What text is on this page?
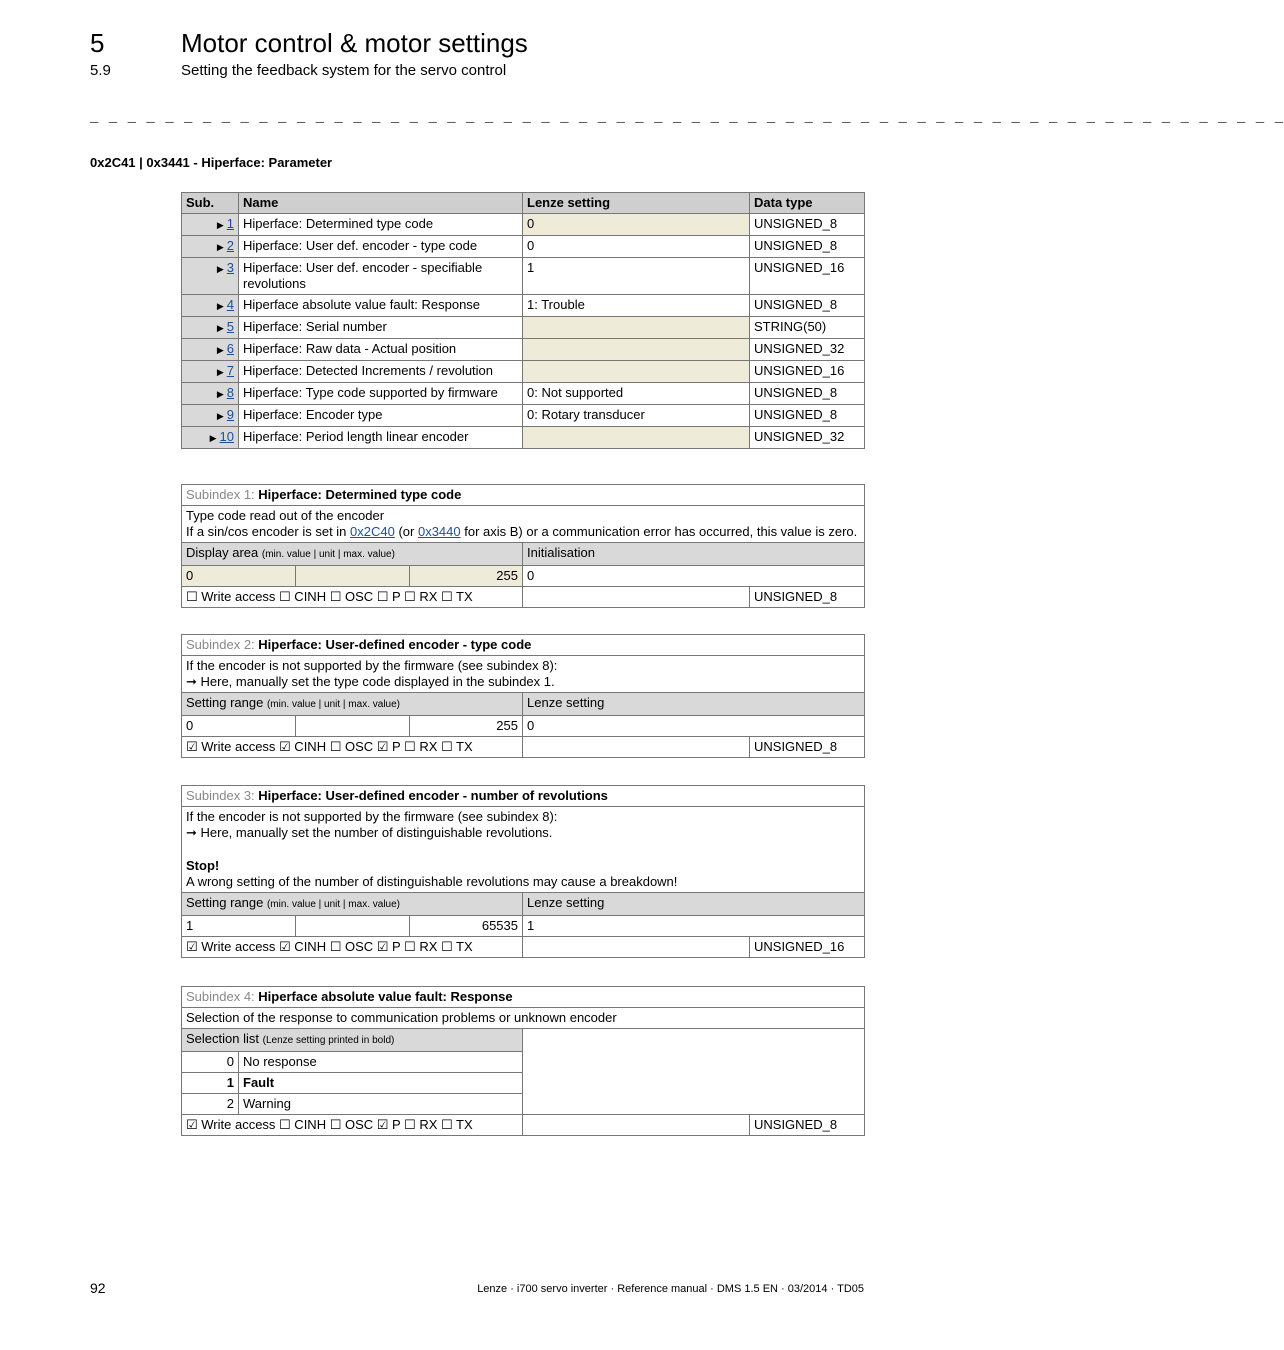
5	Motor control & motor settings
5.9	Setting the feedback system for the servo control
_ _ _ _ _ _ _ _ _ _ _ _ _ _ _ _ _ _ _ _ _ _ _ _ _ _ _ _ _ _ _ _ _ _ _ _ _ _ _ _ _ _ _ _ _ _ _ _ _ _ _ _ _ _ _ _ _ _ _ _ _ _ _ _
0x2C41 | 0x3441 - Hiperface: Parameter
Sub.	Name	Lenze setting	Data type
▶ 1	Hiperface: Determined type code	0	UNSIGNED_8
▶ 2	Hiperface: User def. encoder - type code	0	UNSIGNED_8
▶ 3	Hiperface: User def. encoder - specifiable revolutions	1	UNSIGNED_16
▶ 4	Hiperface absolute value fault: Response	1: Trouble	UNSIGNED_8
▶ 5	Hiperface: Serial number		STRING(50)
▶ 6	Hiperface: Raw data - Actual position		UNSIGNED_32
▶ 7	Hiperface: Detected Increments / revolution		UNSIGNED_16
▶ 8	Hiperface: Type code supported by firmware	0: Not supported	UNSIGNED_8
▶ 9	Hiperface: Encoder type	0: Rotary transducer	UNSIGNED_8
▶ 10	Hiperface: Period length linear encoder		UNSIGNED_32
Subindex 1: Hiperface: Determined type code				

Type code read out of the encoder
If a sin/cos encoder is set in 0x2C40 (or 0x3440 for axis B) or a communication error has occurred, this value is zero.				

Display area (min. value | unit | max. value)			Initialisation	
0		255	0	
☐ Write access ☐ CINH ☐ OSC ☐ P ☐ RX ☐ TX				UNSIGNED_8
Subindex 2: Hiperface: User-defined encoder - type code				

If the encoder is not supported by the firmware (see subindex 8):
➞ Here, manually set the type code displayed in the subindex 1.				

Setting range (min. value | unit | max. value)			Lenze setting	
0		255	0	
☑ Write access ☑ CINH ☐ OSC ☑ P ☐ RX ☐ TX				UNSIGNED_8
Subindex 3: Hiperface: User-defined encoder - number of revolutions				

If the encoder is not supported by the firmware (see subindex 8):
➞ Here, manually set the number of distinguishable revolutions.
Stop!
A wrong setting of the number of distinguishable revolutions may cause a breakdown!				

Setting range (min. value | unit | max. value)			Lenze setting	
1		65535	1	
☑ Write access ☑ CINH ☐ OSC ☑ P ☐ RX ☐ TX				UNSIGNED_16
Subindex 4: Hiperface absolute value fault: Response			
Selection of the response to communication problems or unknown encoder			
Selection list (Lenze setting printed in bold)			
0	No response		
1	Fault		
2	Warning		
☑ Write access ☐ CINH ☐ OSC ☑ P ☐ RX ☐ TX			UNSIGNED_8
92	Lenze · i700 servo inverter · Reference manual · DMS 1.5 EN · 03/2014 · TD05
